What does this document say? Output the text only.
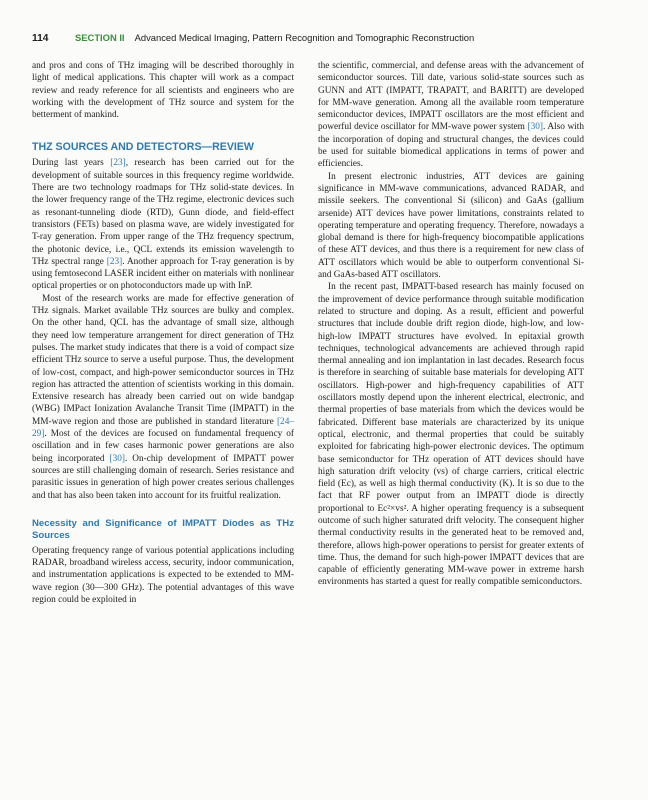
114	SECTION II Advanced Medical Imaging, Pattern Recognition and Tomographic Reconstruction

and pros and cons of THz imaging will be described thoroughly in light of medical applications. This chapter will work as a compact review and ready reference for all scientists and engineers who are working with the development of THz source and system for the betterment of mankind.

THZ SOURCES AND DETECTORS—REVIEW

During last years [23], research has been carried out for the development of suitable sources in this frequency regime worldwide. There are two technology roadmaps for THz solid-state devices. In the lower frequency range of the THz regime, electronic devices such as resonant-tunneling diode (RTD), Gunn diode, and field-effect transistors (FETs) based on plasma wave, are widely investigated for T-ray generation. From upper range of the THz frequency spectrum, the photonic device, i.e., QCL extends its emission wavelength to THz spectral range [23]. Another approach for T-ray generation is by using femtosecond LASER incident either on materials with nonlinear optical properties or on photoconductors made up with InP.

Most of the research works are made for effective generation of THz signals. Market available THz sources are bulky and complex. On the other hand, QCL has the advantage of small size, although they need low temperature arrangement for direct generation of THz pulses. The market study indicates that there is a void of compact size efficient THz source to serve a useful purpose. Thus, the development of low-cost, compact, and high-power semiconductor sources in THz region has attracted the attention of scientists working in this domain. Extensive research has already been carried out on wide bandgap (WBG) IMPact Ionization Avalanche Transit Time (IMPATT) in the MM-wave region and those are published in standard literature [24–29]. Most of the devices are focused on fundamental frequency of oscillation and in few cases harmonic power generations are also being incorporated [30]. On-chip development of IMPATT power sources are still challenging domain of research. Series resistance and parasitic issues in generation of high power creates serious challenges and that has also been taken into account for its fruitful realization.

Necessity and Significance of IMPATT Diodes as THz Sources

Operating frequency range of various potential applications including RADAR, broadband wireless access, security, indoor communication, and instrumentation applications is expected to be extended to MM-wave region (30—300 GHz). The potential advantages of this wave region could be exploited in

the scientific, commercial, and defense areas with the advancement of semiconductor sources. Till date, various solid-state sources such as GUNN and ATT (IMPATT, TRAPATT, and BARITT) are developed for MM-wave generation. Among all the available room temperature semiconductor devices, IMPATT oscillators are the most efficient and powerful device oscillator for MM-wave power system [30]. Also with the incorporation of doping and structural changes, the devices could be used for suitable biomedical applications in terms of power and efficiencies.

In present electronic industries, ATT devices are gaining significance in MM-wave communications, advanced RADAR, and missile seekers. The conventional Si (silicon) and GaAs (gallium arsenide) ATT devices have power limitations, constraints related to operating temperature and operating frequency. Therefore, nowadays a global demand is there for high-frequency biocompatible applications of these ATT devices, and thus there is a requirement for new class of ATT oscillators which would be able to outperform conventional Si- and GaAs-based ATT oscillators.

In the recent past, IMPATT-based research has mainly focused on the improvement of device performance through suitable modification related to structure and doping. As a result, efficient and powerful structures that include double drift region diode, high-low, and low-high-low IMPATT structures have evolved. In epitaxial growth techniques, technological advancements are achieved through rapid thermal annealing and ion implantation in last decades. Research focus is therefore in searching of suitable base materials for developing ATT oscillators. High-power and high-frequency capabilities of ATT oscillators mostly depend upon the inherent electrical, electronic, and thermal properties of base materials from which the devices would be fabricated. Different base materials are characterized by its unique optical, electronic, and thermal properties that could be suitably exploited for fabricating high-power electronic devices. The optimum base semiconductor for THz operation of ATT devices should have high saturation drift velocity (vs) of charge carriers, critical electric field (Ec), as well as high thermal conductivity (K). It is so due to the fact that RF power output from an IMPATT diode is directly proportional to Ec²×vs². A higher operating frequency is a subsequent outcome of such higher saturated drift velocity. The consequent higher thermal conductivity results in the generated heat to be removed and, therefore, allows high-power operations to persist for greater extents of time. Thus, the demand for such high-power IMPATT devices that are capable of efficiently generating MM-wave power in extreme harsh environments has started a quest for really compatible semiconductors.
